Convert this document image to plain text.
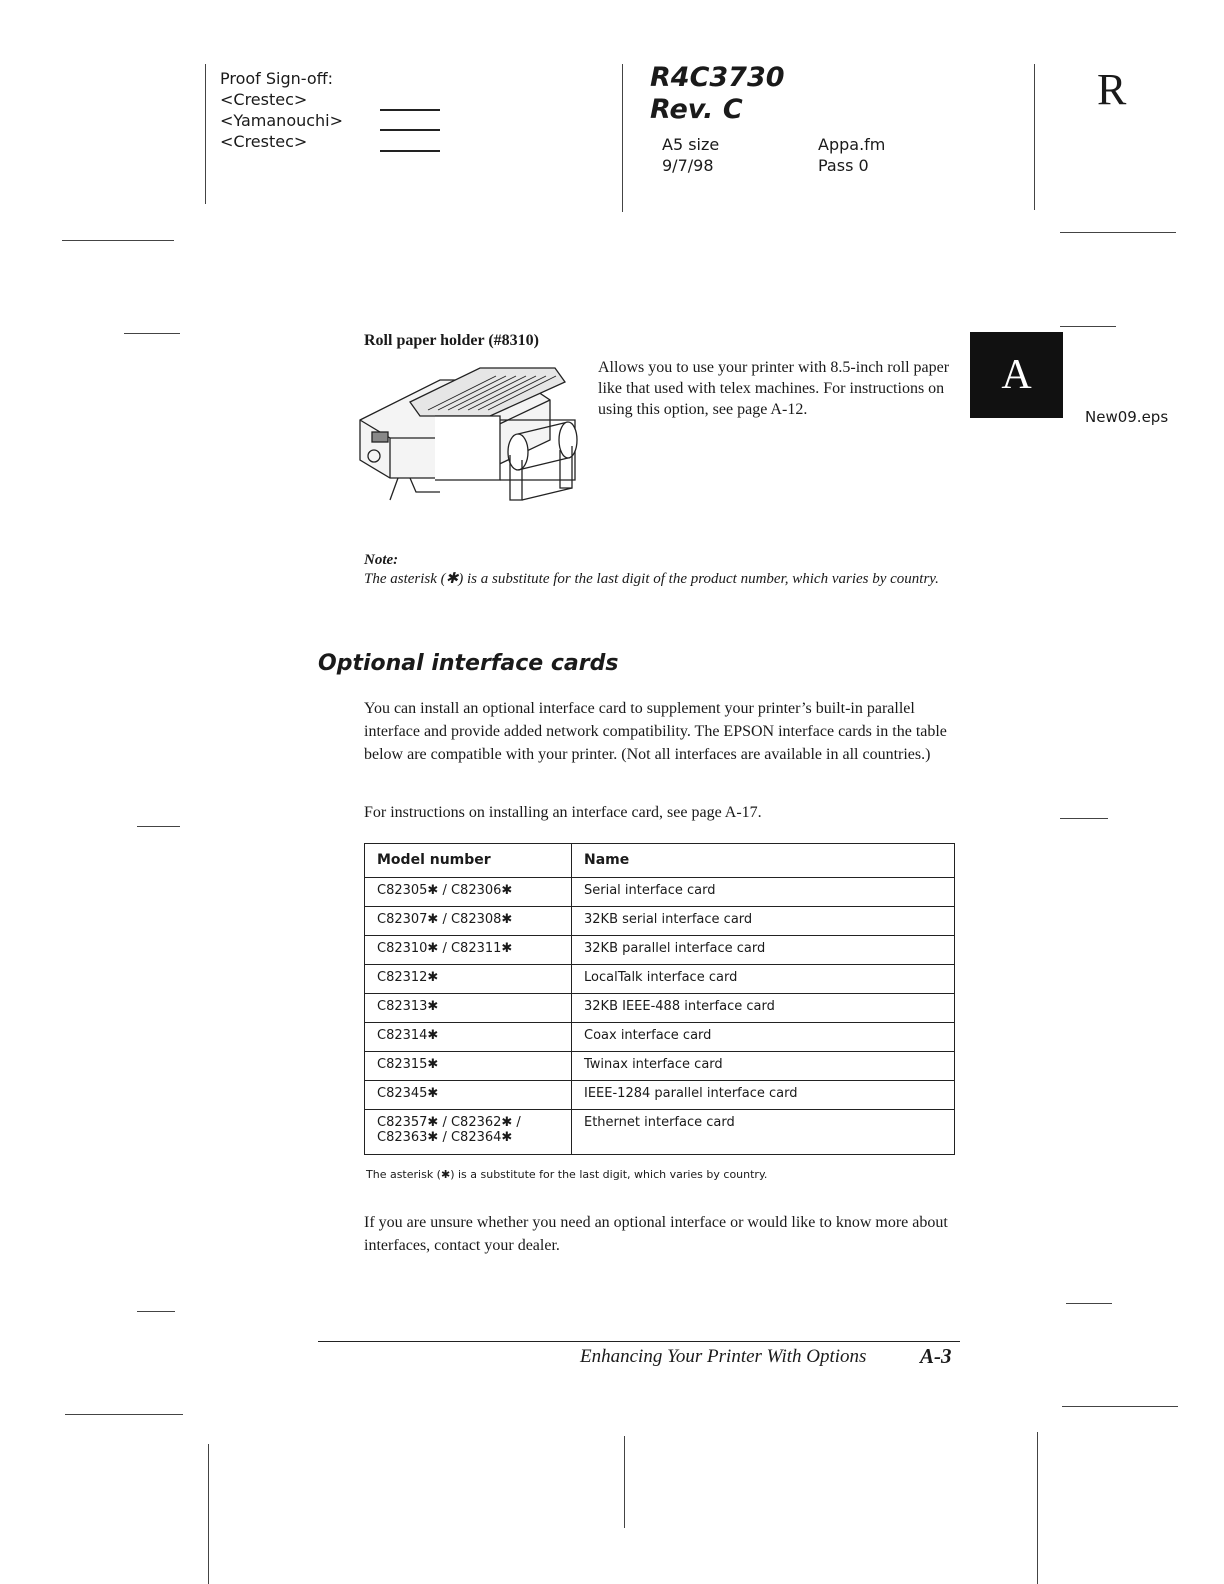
Proof Sign-off:
<Crestec>
<Yamanouchi>
<Crestec>
R4C3730
Rev. C
A5 size
9/7/98
Appa.fm
Pass 0
R
A
New09.eps
Roll paper holder (#8310)
Allows you to use your printer with 8.5-inch roll paper like that used with telex machines. For instructions on using this option, see page A-12.
Note:
The asterisk (✱) is a substitute for the last digit of the product number, which varies by country.
Optional interface cards
You can install an optional interface card to supplement your printer’s built-in parallel interface and provide added network compatibility. The EPSON interface cards in the table below are compatible with your printer. (Not all interfaces are available in all countries.)
For instructions on installing an interface card, see page A-17.
Model number	Name
C82305✱ / C82306✱	Serial interface card
C82307✱ / C82308✱	32KB serial interface card
C82310✱ / C82311✱	32KB parallel interface card
C82312✱	LocalTalk interface card
C82313✱	32KB IEEE-488 interface card
C82314✱	Coax interface card
C82315✱	Twinax interface card
C82345✱	IEEE-1284 parallel interface card
C82357✱ / C82362✱ / C82363✱ / C82364✱	Ethernet interface card
The asterisk (✱) is a substitute for the last digit, which varies by country.
If you are unsure whether you need an optional interface or would like to know more about interfaces, contact your dealer.
Enhancing Your Printer With Options	A-3
